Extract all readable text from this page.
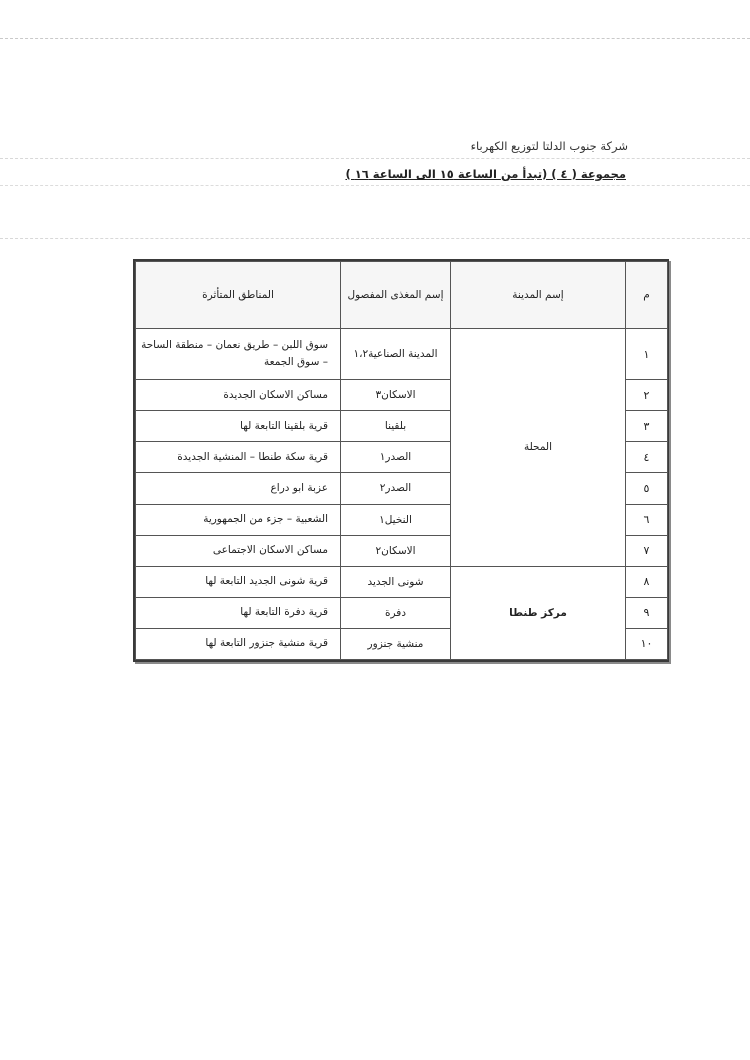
شركة جنوب الدلتا لتوزيع الكهرباء
مجموعة ( ٤ ) (تبدأ من الساعة ١٥ الى الساعة ١٦ )
م	إسم المدينة	إسم المغذى المفصول	المناطق المتأثرة
١	المحلة	المدينة الصناعية١،٢	سوق اللبن – طريق نعمان – منطقة الساحة – سوق الجمعة
٢		الاسكان٣	مساكن الاسكان الجديدة
٣		بلقينا	قرية بلقينا التابعة لها
٤		الصدر١	قرية سكة طنطا – المنشية الجديدة
٥		الصدر٢	عزبة ابو دراع
٦		النخيل١	الشعبية – جزء من الجمهورية
٧		الاسكان٢	مساكن الاسكان الاجتماعى
٨	مركز طنطا	شونى الجديد	قرية شونى الجديد التابعة لها
٩		دفرة	قرية دفرة التابعة لها
١٠		منشية جنزور	قرية منشية جنزور التابعة لها
